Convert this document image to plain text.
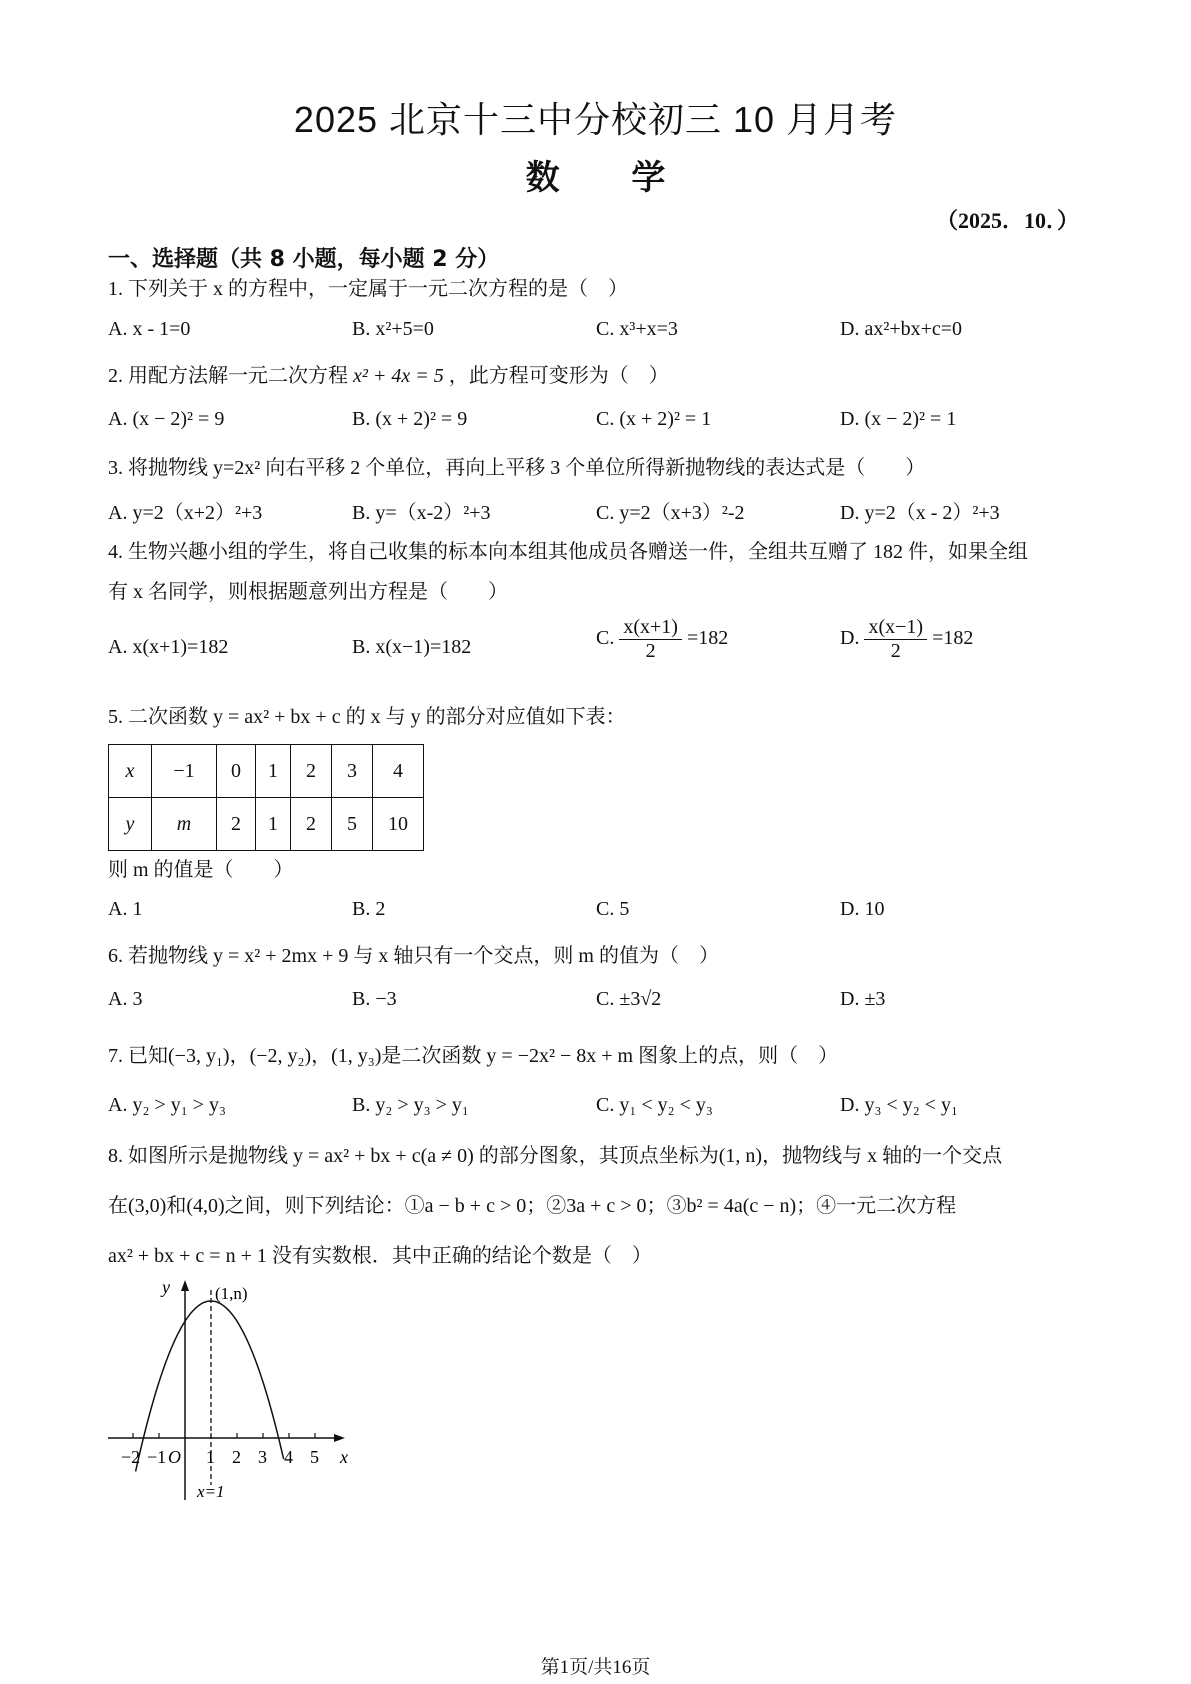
2025 北京十三中分校初三 10 月月考
数 学
（2025．10．）
一、选择题（共 8 小题，每小题 2 分）
1. 下列关于 x 的方程中，一定属于一元二次方程的是（　）
A. x - 1=0	B. x²+5=0	C. x³+x=3	D. ax²+bx+c=0
2. 用配方法解一元二次方程 x² + 4x = 5 ，此方程可变形为（　）
A. (x − 2)² = 9	B. (x + 2)² = 9	C. (x + 2)² = 1	D. (x − 2)² = 1
3. 将抛物线 y=2x² 向右平移 2 个单位，再向上平移 3 个单位所得新抛物线的表达式是（　　）
A. y=2（x+2）²+3	B. y=（x-2）²+3	C. y=2（x+3）²-2	D. y=2（x - 2）²+3
4. 生物兴趣小组的学生，将自己收集的标本向本组其他成员各赠送一件，全组共互赠了 182 件，如果全组
有 x 名同学，则根据题意列出方程是（　　）
A. x(x+1)=182	B. x(x−1)=182	C. $\frac{x(x+1)}{2} =182$	D. $\frac{x(x-1)}{2} =182$
5. 二次函数 y = ax² + bx + c 的 x 与 y 的部分对应值如下表：
x	−1	0	1	2	3	4
y	m	2	1	2	5	10
则 m 的值是（　　）
A. 1	B. 2	C. 5	D. 10
6. 若抛物线 y = x² + 2mx + 9 与 x 轴只有一个交点，则 m 的值为（　）
A. 3	B. −3	C. ±3√2	D. ±3
7. 已知(−3, y₁)，(−2, y₂)，(1, y₃)是二次函数 y = −2x² − 8x + m 图象上的点，则（　）
A. y₂ > y₁ > y₃	B. y₂ > y₃ > y₁	C. y₁ < y₂ < y₃	D. y₃ < y₂ < y₁
8. 如图所示是抛物线 y = ax² + bx + c(a ≠ 0) 的部分图象，其顶点坐标为(1, n)，抛物线与 x 轴的一个交点
在(3,0)和(4,0)之间，则下列结论：①a − b + c > 0；②3a + c > 0；③b² = 4a(c − n)；④一元二次方程
ax² + bx + c = n + 1 没有实数根．其中正确的结论个数是（　）
y	(1,n)
x
O
x=1
−2 −1 1 2 3 4 5
第1页/共16页
